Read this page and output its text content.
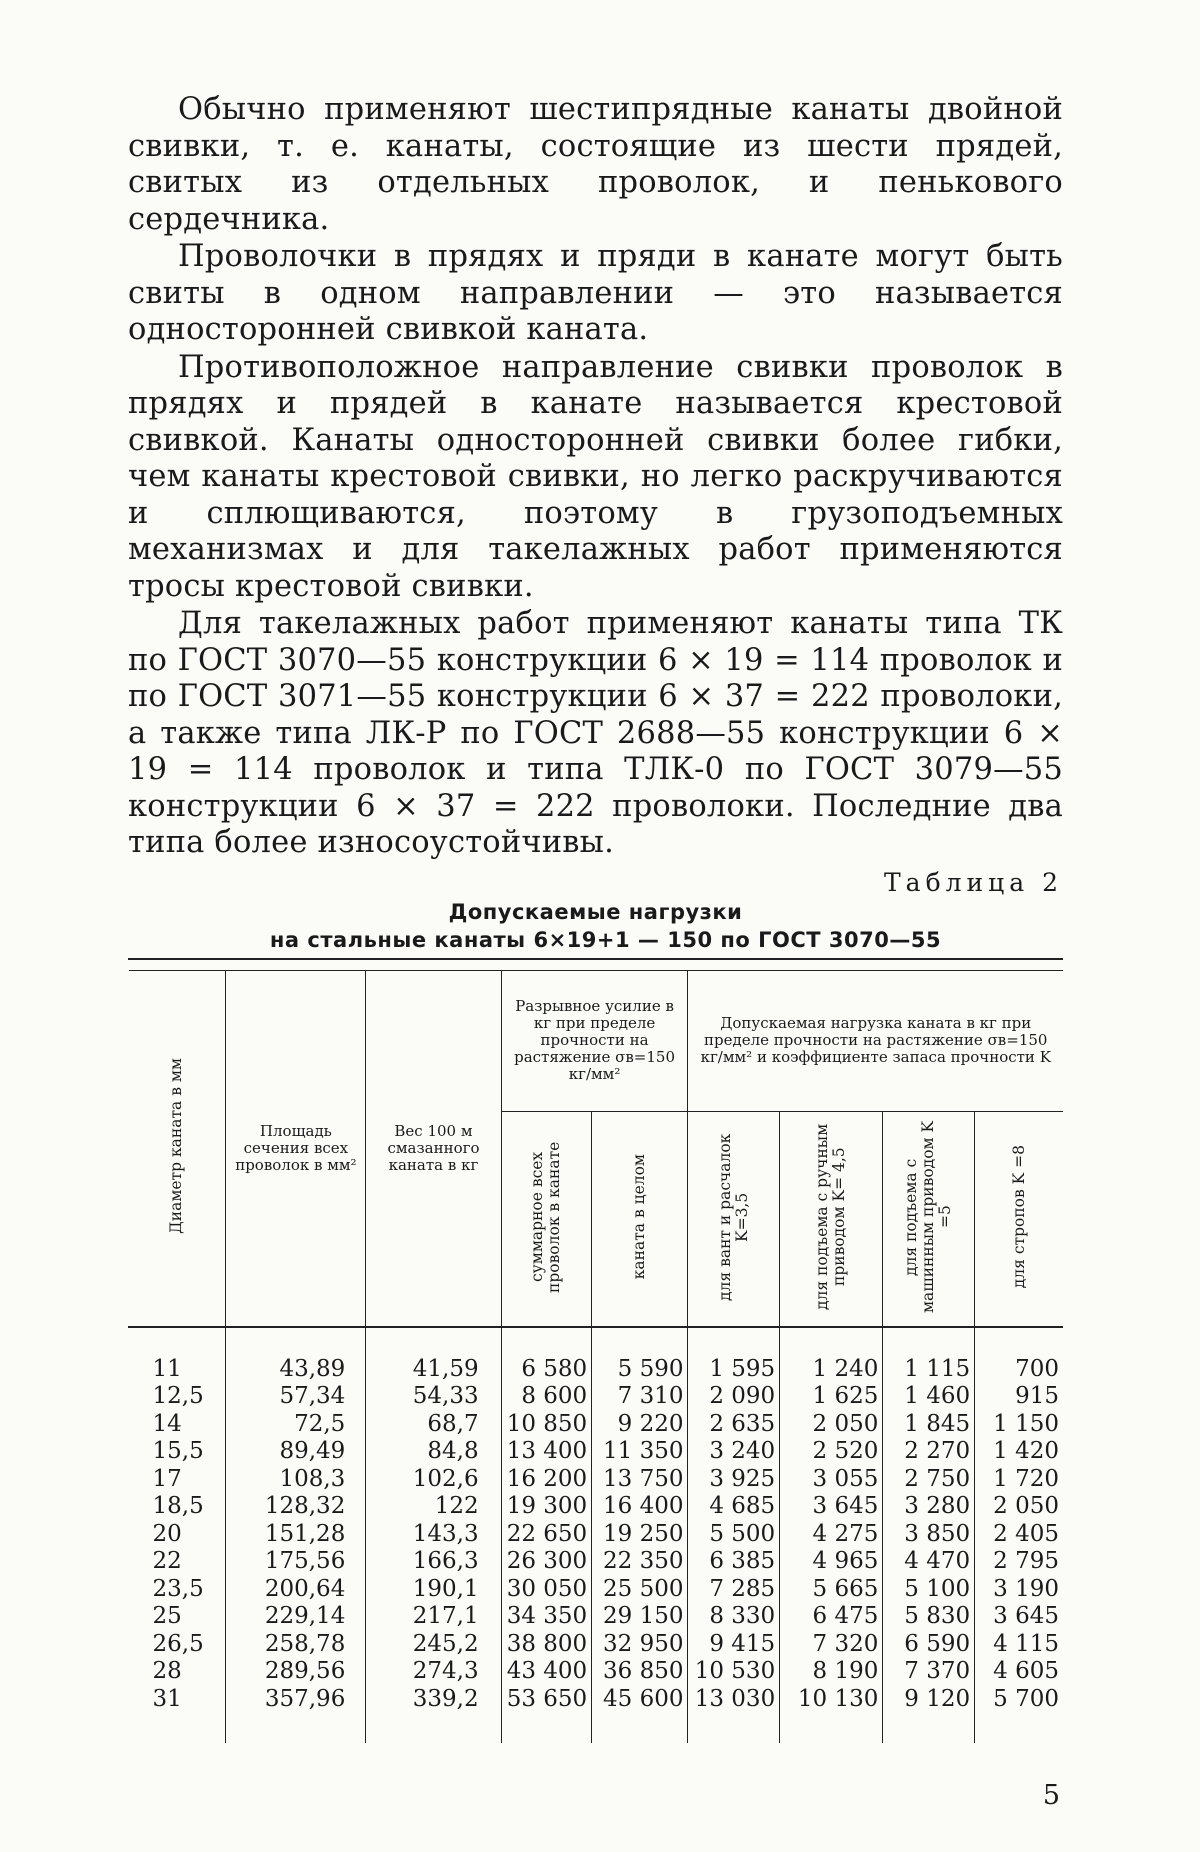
Обычно применяют шестипрядные канаты двойной свивки, т. е. канаты, состоящие из шести прядей, свитых из отдельных проволок, и пенькового сердечника.

Проволочки в прядях и пряди в канате могут быть свиты в одном направлении — это называется односторонней свивкой каната.

Противоположное направление свивки проволок в прядях и прядей в канате называется крестовой свивкой. Канаты односторонней свивки более гибки, чем канаты крестовой свивки, но легко раскручиваются и сплющиваются, поэтому в грузоподъемных механизмах и для такелажных работ применяются тросы крестовой свивки.

Для такелажных работ применяют канаты типа ТК по ГОСТ 3070—55 конструкции 6 × 19 = 114 проволок и по ГОСТ 3071—55 конструкции 6 × 37 = 222 проволоки, а также типа ЛК-Р по ГОСТ 2688—55 конструкции 6 × 19 = 114 проволок и типа ТЛК-0 по ГОСТ 3079—55 конструкции 6 × 37 = 222 проволоки. Последние два типа более износоустойчивы.

Таблица 2
Допускаемые нагрузки
на стальные канаты 6×19+1 — 150 по ГОСТ 3070—55
Диаметр каната в мм	Площадь сечения всех проволок в мм²	Вес 100 м смазанного каната в кг	Разрывное усилие в кг при пределе прочности на растяжение σв=150 кг/мм²		Допускаемая нагрузка каната в кг при пределе прочности на растяжение σв=150 кг/мм² и коэффициенте запаса прочности K			
			суммарное всех проволок в канате	каната в целом	для вант и расчалок K=3,5	для подъема с ручным приводом K= 4,5	для подъема с машинным приводом K =5	для стропов K =8

11	43,89	41,59	6 580	5 590	1 595	1 240	1 115	700
12,5	57,34	54,33	8 600	7 310	2 090	1 625	1 460	915
14	72,5	68,7	10 850	9 220	2 635	2 050	1 845	1 150
15,5	89,49	84,8	13 400	11 350	3 240	2 520	2 270	1 420
17	108,3	102,6	16 200	13 750	3 925	3 055	2 750	1 720
18,5	128,32	122	19 300	16 400	4 685	3 645	3 280	2 050
20	151,28	143,3	22 650	19 250	5 500	4 275	3 850	2 405
22	175,56	166,3	26 300	22 350	6 385	4 965	4 470	2 795
23,5	200,64	190,1	30 050	25 500	7 285	5 665	5 100	3 190
25	229,14	217,1	34 350	29 150	8 330	6 475	5 830	3 645
26,5	258,78	245,2	38 800	32 950	9 415	7 320	6 590	4 115
28	289,56	274,3	43 400	36 850	10 530	8 190	7 370	4 605
31	357,96	339,2	53 650	45 600	13 030	10 130	9 120	5 700
5
